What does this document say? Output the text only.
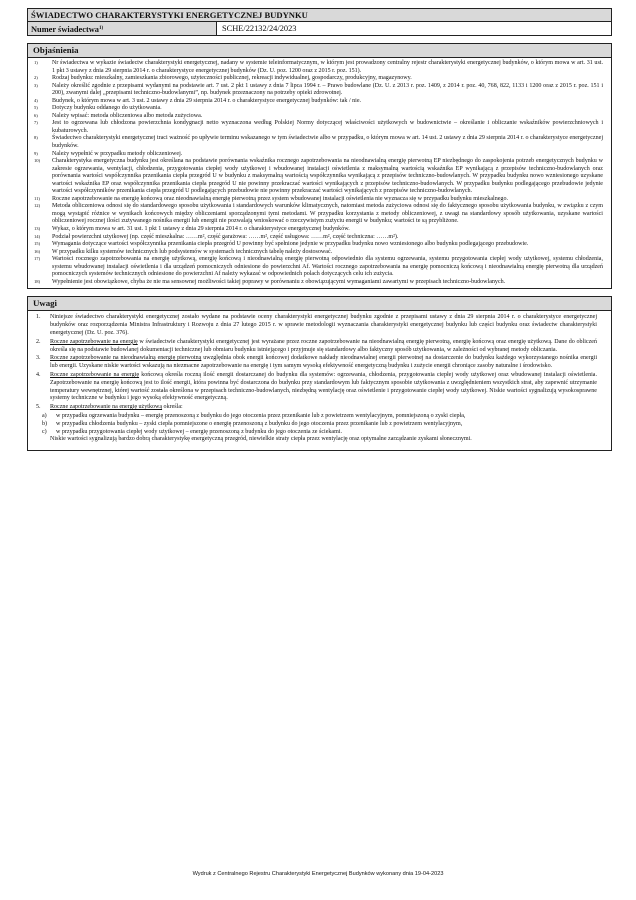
ŚWIADECTWO CHARAKTERYSTYKI ENERGETYCZNEJ BUDYNKU
Numer świadectwa$^{1)}$	SCHE/22132/24/2023
Objaśnienia
1)	Nr świadectwa w wykazie świadectw charakterystyki energetycznej, nadany w systemie teleinformatycznym, w którym jest prowadzony centralny rejestr charakterystyki energetycznej budynków, o którym mowa w art. 31 ust. 1 pkt 3 ustawy z dnia 29 sierpnia 2014 r. o charakterystyce energetycznej budynków (Dz. U. poz. 1200 oraz z 2015 r. poz. 151).
2)	Rodzaj budynku: mieszkalny, zamieszkania zbiorowego, użyteczności publicznej, rekreacji indywidualnej, gospodarczy, produkcyjny, magazynowy.
3)	Należy określić zgodnie z przepisami wydanymi na podstawie art. 7 ust. 2 pkt 1 ustawy z dnia 7 lipca 1994 r. – Prawo budowlane (Dz. U. z 2013 r. poz. 1409, z 2014 r. poz. 40, 768, 822, 1133 i 1200 oraz z 2015 r. poz. 151 i 200), zwanymi dalej „przepisami techniczno-budowlanymi”, np. budynek przeznaczony na potrzeby opieki zdrowotnej.
4)	Budynek, o którym mowa w art. 3 ust. 2 ustawy z dnia 29 sierpnia 2014 r. o charakterystyce energetycznej budynków: tak / nie.
5)	Dotyczy budynku oddanego do użytkowania.
6)	Należy wpisać: metoda obliczeniowa albo metoda zużyciowa.
7)	Jest to ogrzewana lub chłodzona powierzchnia kondygnacji netto wyznaczona według Polskiej Normy dotyczącej właściwości użytkowych w budownictwie – określanie i obliczanie wskaźników powierzchniowych i kubaturowych.
8)	Świadectwo charakterystyki energetycznej traci ważność po upływie terminu wskazanego w tym świadectwie albo w przypadku, o którym mowa w art. 14 ust. 2 ustawy z dnia 29 sierpnia 2014 r. o charakterystyce energetycznej budynków.
9)	Należy wypełnić w przypadku metody obliczeniowej.
10)	Charakterystyka energetyczna budynku jest określana na podstawie porównania wskaźnika rocznego zapotrzebowania na nieodnawialną energię pierwotną EP niezbędnego do zaspokojenia potrzeb energetycznych budynku w zakresie ogrzewania, wentylacji, chłodzenia, przygotowania ciepłej wody użytkowej i wbudowanej instalacji oświetlenia z maksymalną wartością wskaźnika EP wynikającą z przepisów techniczno-budowlanych oraz porównania wartości współczynnika przenikania ciepła przegród U w budynku z maksymalną wartością współczynnika wynikającą z przepisów techniczno-budowlanych. W przypadku budynku nowo wzniesionego uzyskane wartości wskaźnika EP oraz współczynnika przenikania ciepła przegród U nie powinny przekraczać wartości wynikających z przepisów techniczno-budowlanych. W przypadku budynku podlegającego przebudowie jedynie wartości współczynników przenikania ciepła przegród U podlegających przebudowie nie powinny przekraczać wartości wynikających z przepisów techniczno-budowlanych.
11)	Roczne zapotrzebowanie na energię końcową oraz nieodnawialną energię pierwotną przez system wbudowanej instalacji oświetlenia nie wyznacza się w przypadku budynku mieszkalnego.
12)	Metoda obliczeniowa odnosi się do standardowego sposobu użytkowania i standardowych warunków klimatycznych, natomiast metoda zużyciowa odnosi się do faktycznego sposobu użytkowania budynku, w związku z czym mogą wystąpić różnice w wynikach końcowych między obliczeniami sporządzonymi tymi metodami. W przypadku korzystania z metody obliczeniowej, z uwagi na standardowy sposób użytkowania, uzyskane wartości obliczeniowej rocznej ilości zużywanego nośnika energii lub energii nie pozwalają wnioskować o rzeczywistym zużyciu energii w budynku; wartości te są przybliżone.
13)	Wykaz, o którym mowa w art. 31 ust. 1 pkt 1 ustawy z dnia 29 sierpnia 2014 r. o charakterystyce energetycznej budynków.
14)	Podział powierzchni użytkowej (np. część mieszkalna: ……m², część garażowa: ……m², część usługowa: ……m², część techniczna: ……m²).
15)	Wymagania dotyczące wartości współczynnika przenikania ciepła przegród U powinny być spełnione jedynie w przypadku budynku nowo wzniesionego albo budynku podlegającego przebudowie.
16)	W przypadku kilku systemów technicznych lub podsystemów w systemach technicznych tabelę należy dostosować.
17)	Wartości rocznego zapotrzebowania na energię użytkową, energię końcową i nieodnawialną energię pierwotną odpowiednio dla systemu ogrzewania, systemu przygotowania ciepłej wody użytkowej, systemu chłodzenia, systemu wbudowanej instalacji oświetlenia i dla urządzeń pomocniczych odniesione do powierzchni Af. Wartości rocznego zapotrzebowania na energię pomocniczą końcową i nieodnawialną energię pierwotną dla urządzeń pomocniczych systemów technicznych odniesione do powierzchni Af należy wykazać w odpowiednich polach dotyczących celu ich zużycia.
18)	Wypełnienie jest obowiązkowe, chyba że nie ma sensownej możliwości takiej poprawy w porównaniu z obowiązującymi wymaganiami zawartymi w przepisach techniczno-budowlanych.
Uwagi
1.	Niniejsze świadectwo charakterystyki energetycznej zostało wydane na podstawie oceny charakterystyki energetycznej budynku zgodnie z przepisami ustawy z dnia 29 sierpnia 2014 r. o charakterystyce energetycznej budynków oraz rozporządzenia Ministra Infrastruktury i Rozwoju z dnia 27 lutego 2015 r. w sprawie metodologii wyznaczania charakterystyki energetycznej budynku lub części budynku oraz świadectw charakterystyki energetycznej (Dz. U. poz. 376).
2.	Roczne zapotrzebowanie na energię w świadectwie charakterystyki energetycznej jest wyrażane przez roczne zapotrzebowanie na nieodnawialną energię pierwotną, energię końcową oraz energię użytkową. Dane do obliczeń określa się na podstawie budowlanej dokumentacji technicznej lub obmiaru budynku istniejącego i przyjmuje się standardowy albo faktyczny sposób użytkowania, w zależności od wybranej metody obliczania.
3.	Roczne zapotrzebowanie na nieodnawialną energię pierwotną uwzględnia obok energii końcowej dodatkowe nakłady nieodnawialnej energii pierwotnej na dostarczenie do budynku każdego wykorzystanego nośnika energii lub energii. Uzyskane niskie wartości wskazują na niezmacne zapotrzebowanie na energię i tym samym wysoką efektywność energetyczną budynku i zużycie energii chroniące zasoby naturalne i środowisko.
4.	Roczne zapotrzebowanie na energię końcową określa roczną ilość energii dostarczanej do budynku dla systemów: ogrzewania, chłodzenia, przygotowania ciepłej wody użytkowej oraz wbudowanej instalacji oświetlenia. Zapotrzebowanie na energię końcową jest to ilość energii, która powinna być dostarczona do budynku przy standardowym lub faktycznym sposobie użytkowania z uwzględnieniem wszystkich strat, aby zapewnić utrzymanie temperatury wewnętrznej, której wartość została określona w przepisach techniczno-budowlanych, niezbędną wentylację oraz oświetlenie i przygotowanie ciepłej wody użytkowej. Niskie wartości sygnalizują wysokosprawne systemy techniczne w budynku i jego wysoką efektywność energetyczną.
5.	Roczne zapotrzebowanie na energię użytkową określa:
a)	w przypadku ogrzewania budynku – energię przenoszoną z budynku do jego otoczenia przez przenikanie lub z powietrzem wentylacyjnym, pomniejszoną o zyski ciepła,
b)	w przypadku chłodzenia budynku – zyski ciepła pomniejszone o energię przenoszoną z budynku do jego otoczenia przez przenikanie lub z powietrzem wentylacyjnym,
c)	w przypadku przygotowania ciepłej wody użytkowej – energię przenoszoną z budynku do jego otoczenia ze ściekami.
Niskie wartości sygnalizują bardzo dobrą charakterystykę energetyczną przegród, niewielkie straty ciepła przez wentylację oraz optymalne zarządzanie zyskami słonecznymi.
Wydruk z Centralnego Rejestru Charakterystyki Energetycznej Budynków wykonany dnia 19-04-2023
